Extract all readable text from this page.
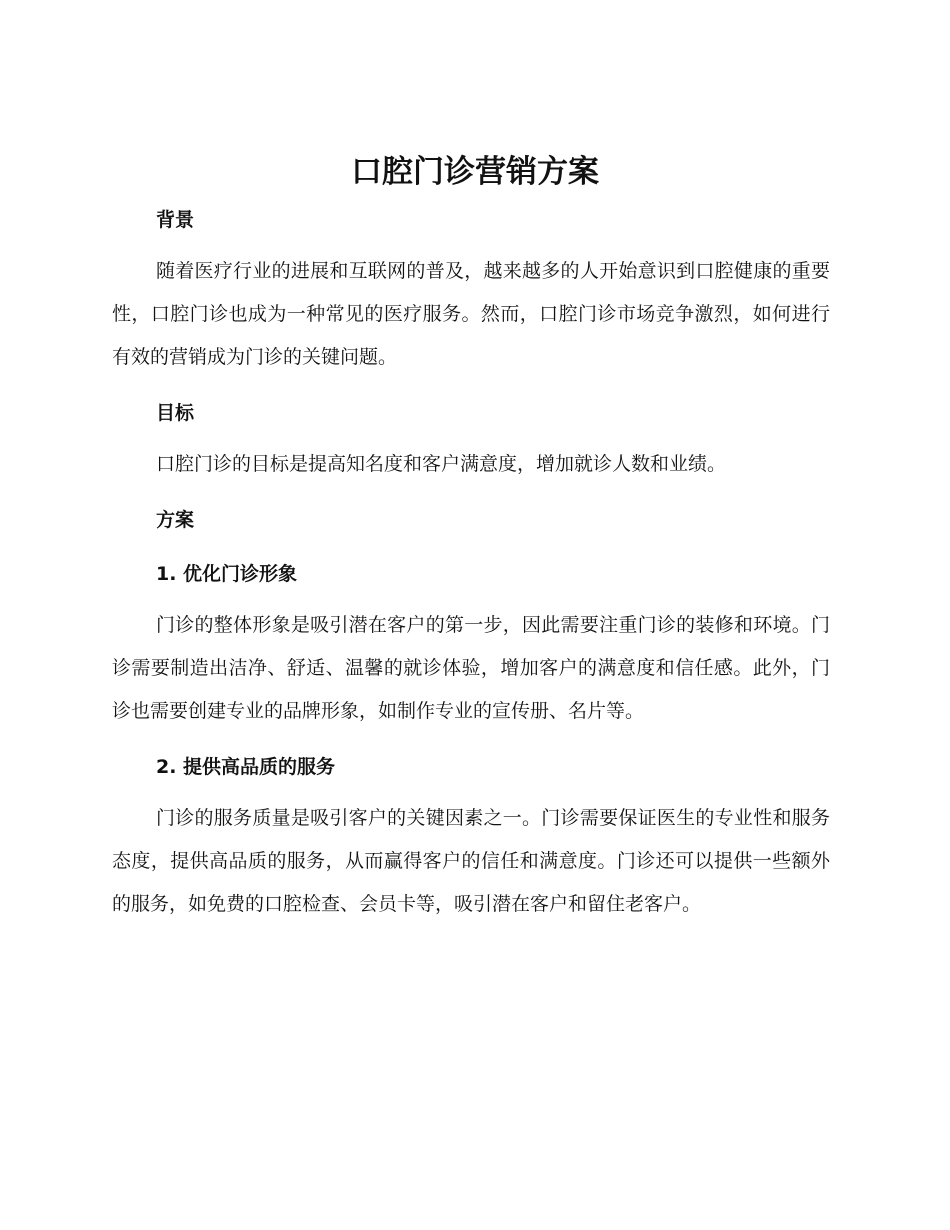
口腔门诊营销方案
背景

随着医疗行业的进展和互联网的普及，越来越多的人开始意识到口腔健康的重要性，口腔门诊也成为一种常见的医疗服务。然而，口腔门诊市场竞争激烈，如何进行有效的营销成为门诊的关键问题。

目标

口腔门诊的目标是提高知名度和客户满意度，增加就诊人数和业绩。

方案
1. 优化门诊形象

门诊的整体形象是吸引潜在客户的第一步，因此需要注重门诊的装修和环境。门诊需要制造出洁净、舒适、温馨的就诊体验，增加客户的满意度和信任感。此外，门诊也需要创建专业的品牌形象，如制作专业的宣传册、名片等。

2. 提供高品质的服务

门诊的服务质量是吸引客户的关键因素之一。门诊需要保证医生的专业性和服务态度，提供高品质的服务，从而赢得客户的信任和满意度。门诊还可以提供一些额外的服务，如免费的口腔检查、会员卡等，吸引潜在客户和留住老客户。
